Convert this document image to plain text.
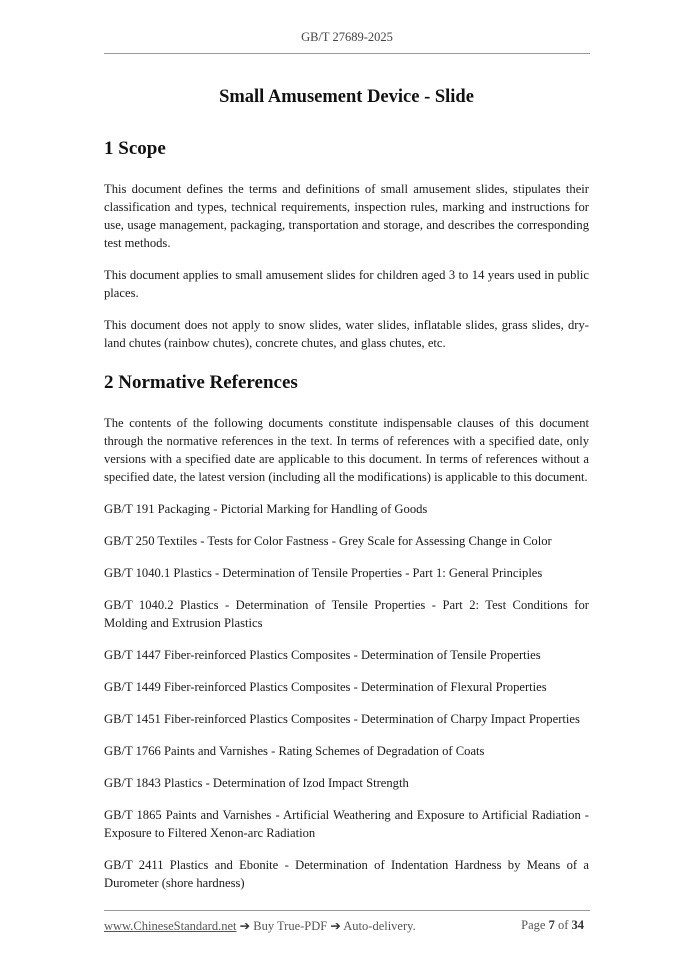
GB/T 27689-2025
Small Amusement Device - Slide
1 Scope

This document defines the terms and definitions of small amusement slides, stipulates their classification and types, technical requirements, inspection rules, marking and instructions for use, usage management, packaging, transportation and storage, and describes the corresponding test methods.

This document applies to small amusement slides for children aged 3 to 14 years used in public places.

This document does not apply to snow slides, water slides, inflatable slides, grass slides, dry-land chutes (rainbow chutes), concrete chutes, and glass chutes, etc.

2 Normative References

The contents of the following documents constitute indispensable clauses of this document through the normative references in the text. In terms of references with a specified date, only versions with a specified date are applicable to this document. In terms of references without a specified date, the latest version (including all the modifications) is applicable to this document.

GB/T 191 Packaging - Pictorial Marking for Handling of Goods

GB/T 250 Textiles - Tests for Color Fastness - Grey Scale for Assessing Change in Color

GB/T 1040.1 Plastics - Determination of Tensile Properties - Part 1: General Principles

GB/T 1040.2 Plastics - Determination of Tensile Properties - Part 2: Test Conditions for Molding and Extrusion Plastics

GB/T 1447 Fiber-reinforced Plastics Composites - Determination of Tensile Properties

GB/T 1449 Fiber-reinforced Plastics Composites - Determination of Flexural Properties

GB/T 1451 Fiber-reinforced Plastics Composites - Determination of Charpy Impact Properties

GB/T 1766 Paints and Varnishes - Rating Schemes of Degradation of Coats

GB/T 1843 Plastics - Determination of Izod Impact Strength

GB/T 1865 Paints and Varnishes - Artificial Weathering and Exposure to Artificial Radiation - Exposure to Filtered Xenon-arc Radiation

GB/T 2411 Plastics and Ebonite - Determination of Indentation Hardness by Means of a Durometer (shore hardness)

www.ChineseStandard.net ➔ Buy True-PDF ➔ Auto-delivery.	Page 7 of 34
